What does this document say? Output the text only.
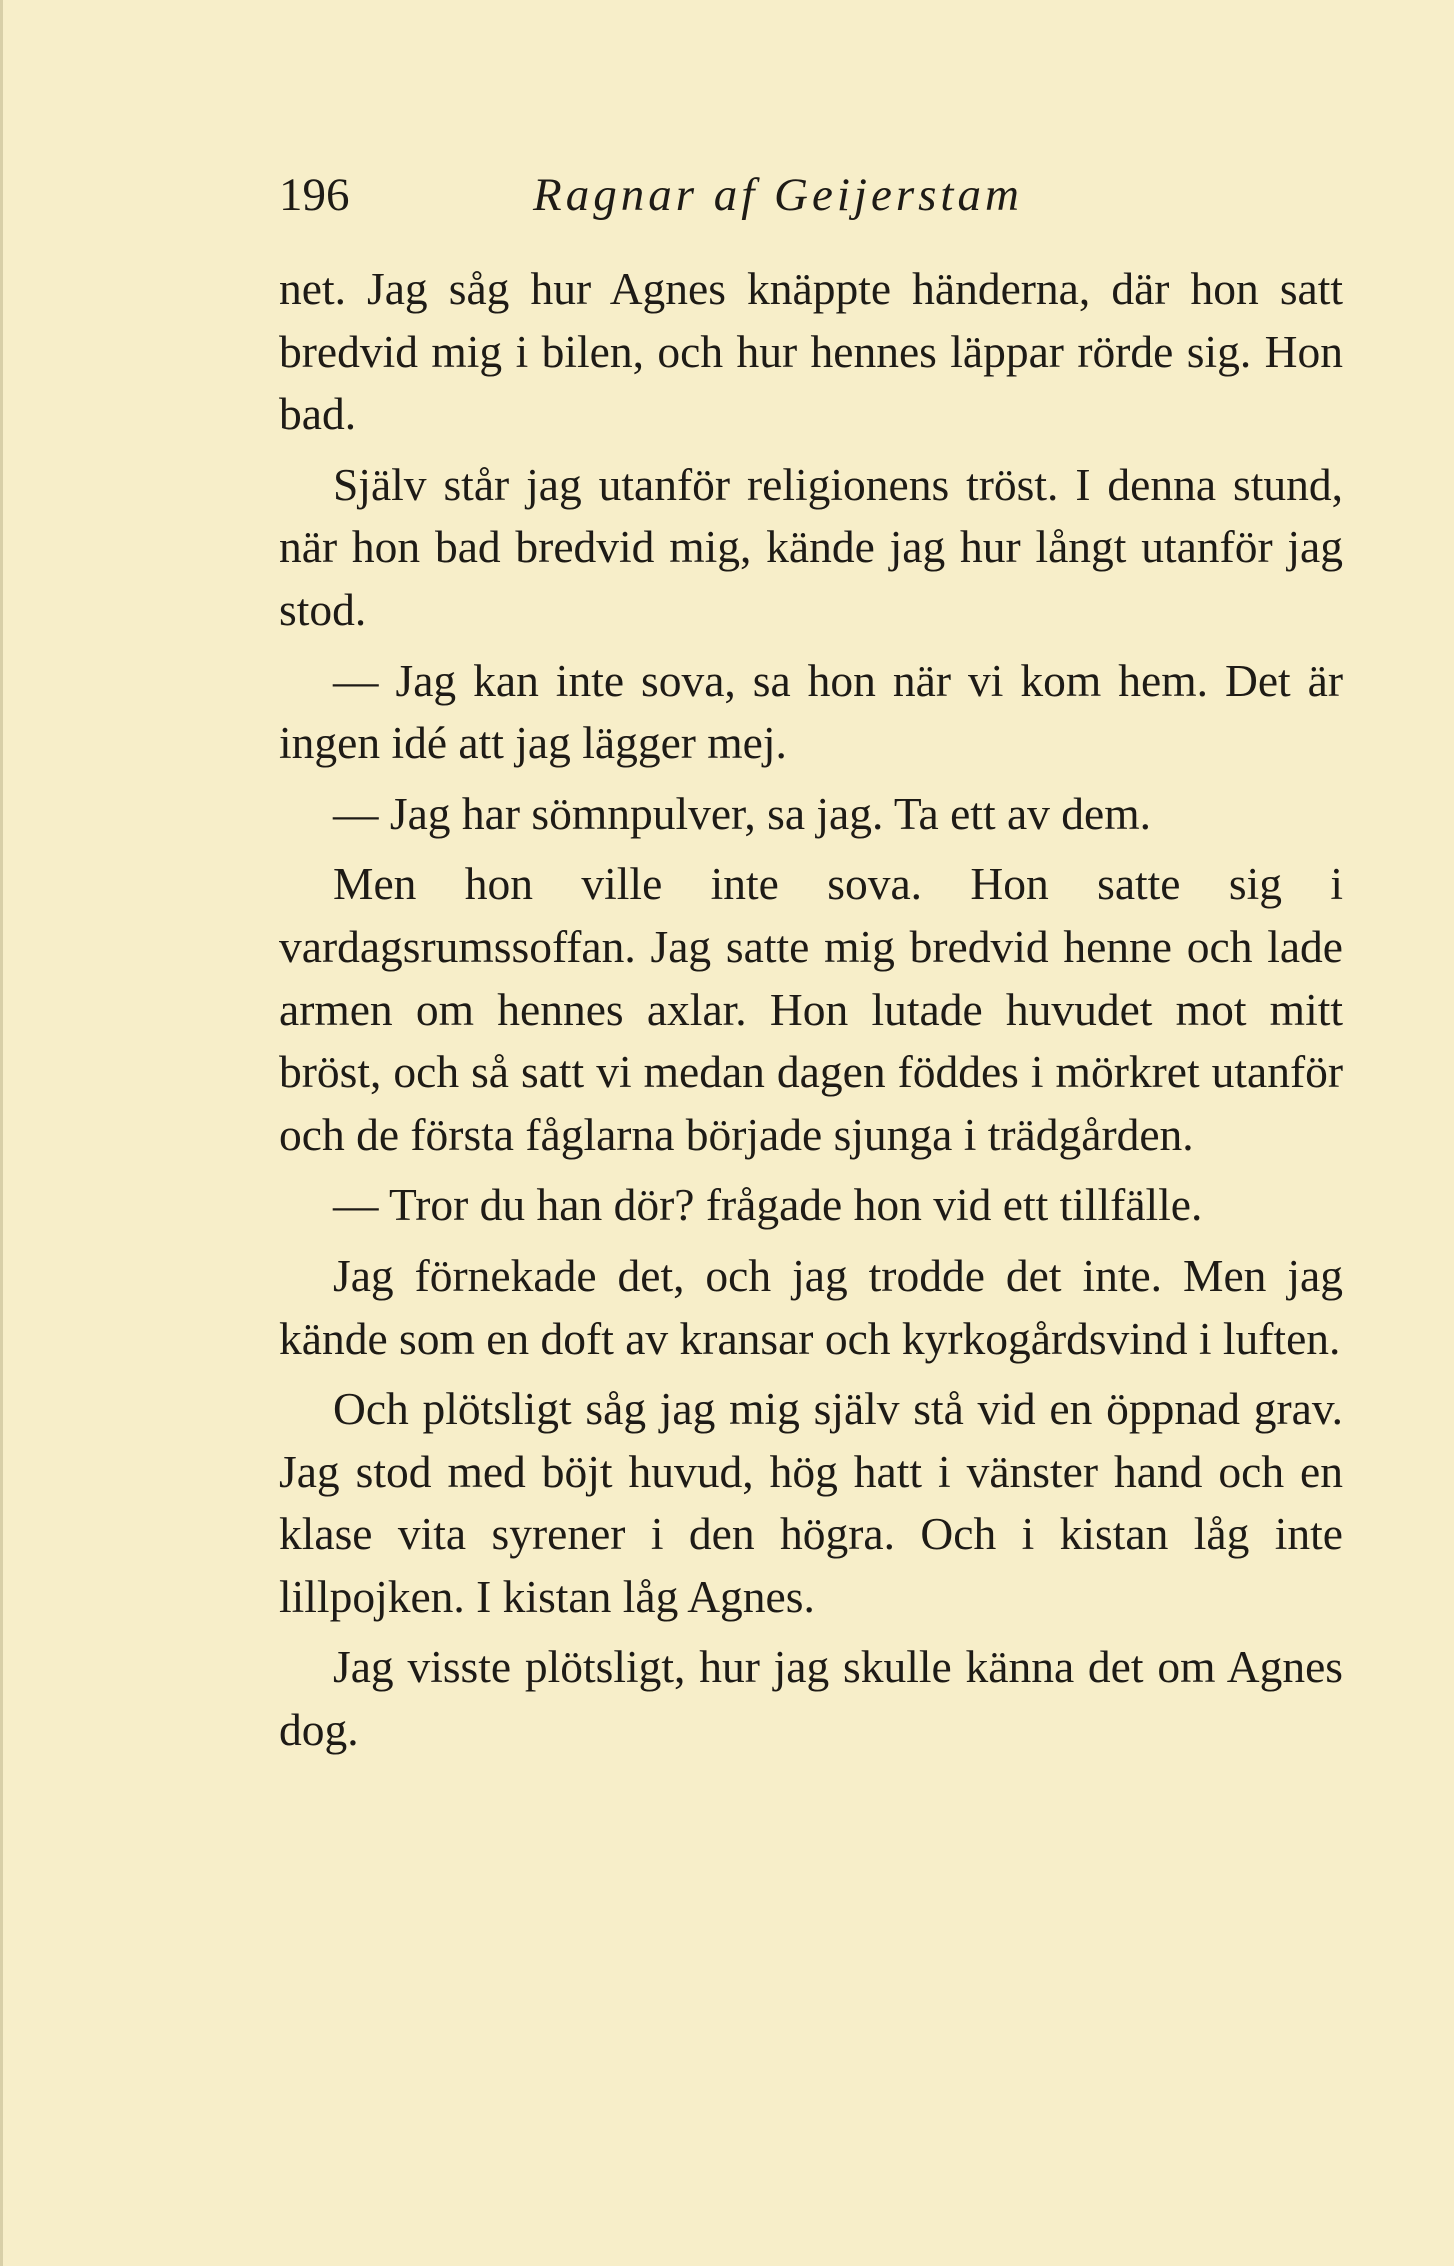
196	Ragnar af Geijerstam

net. Jag såg hur Agnes knäppte händerna, där hon satt bredvid mig i bilen, och hur hennes läppar rörde sig. Hon bad.

Själv står jag utanför religionens tröst. I denna stund, när hon bad bredvid mig, kände jag hur långt utanför jag stod.

— Jag kan inte sova, sa hon när vi kom hem. Det är ingen idé att jag lägger mej.

— Jag har sömnpulver, sa jag. Ta ett av dem.

Men hon ville inte sova. Hon satte sig i vardagsrumssoffan. Jag satte mig bredvid henne och lade armen om hennes axlar. Hon lutade huvudet mot mitt bröst, och så satt vi medan dagen föddes i mörkret utanför och de första fåglarna började sjunga i trädgården.

— Tror du han dör? frågade hon vid ett tillfälle.

Jag förnekade det, och jag trodde det inte. Men jag kände som en doft av kransar och kyrkogårdsvind i luften.

Och plötsligt såg jag mig själv stå vid en öppnad grav. Jag stod med böjt huvud, hög hatt i vänster hand och en klase vita syrener i den högra. Och i kistan låg inte lillpojken. I kistan låg Agnes.

Jag visste plötsligt, hur jag skulle känna det om Agnes dog.
